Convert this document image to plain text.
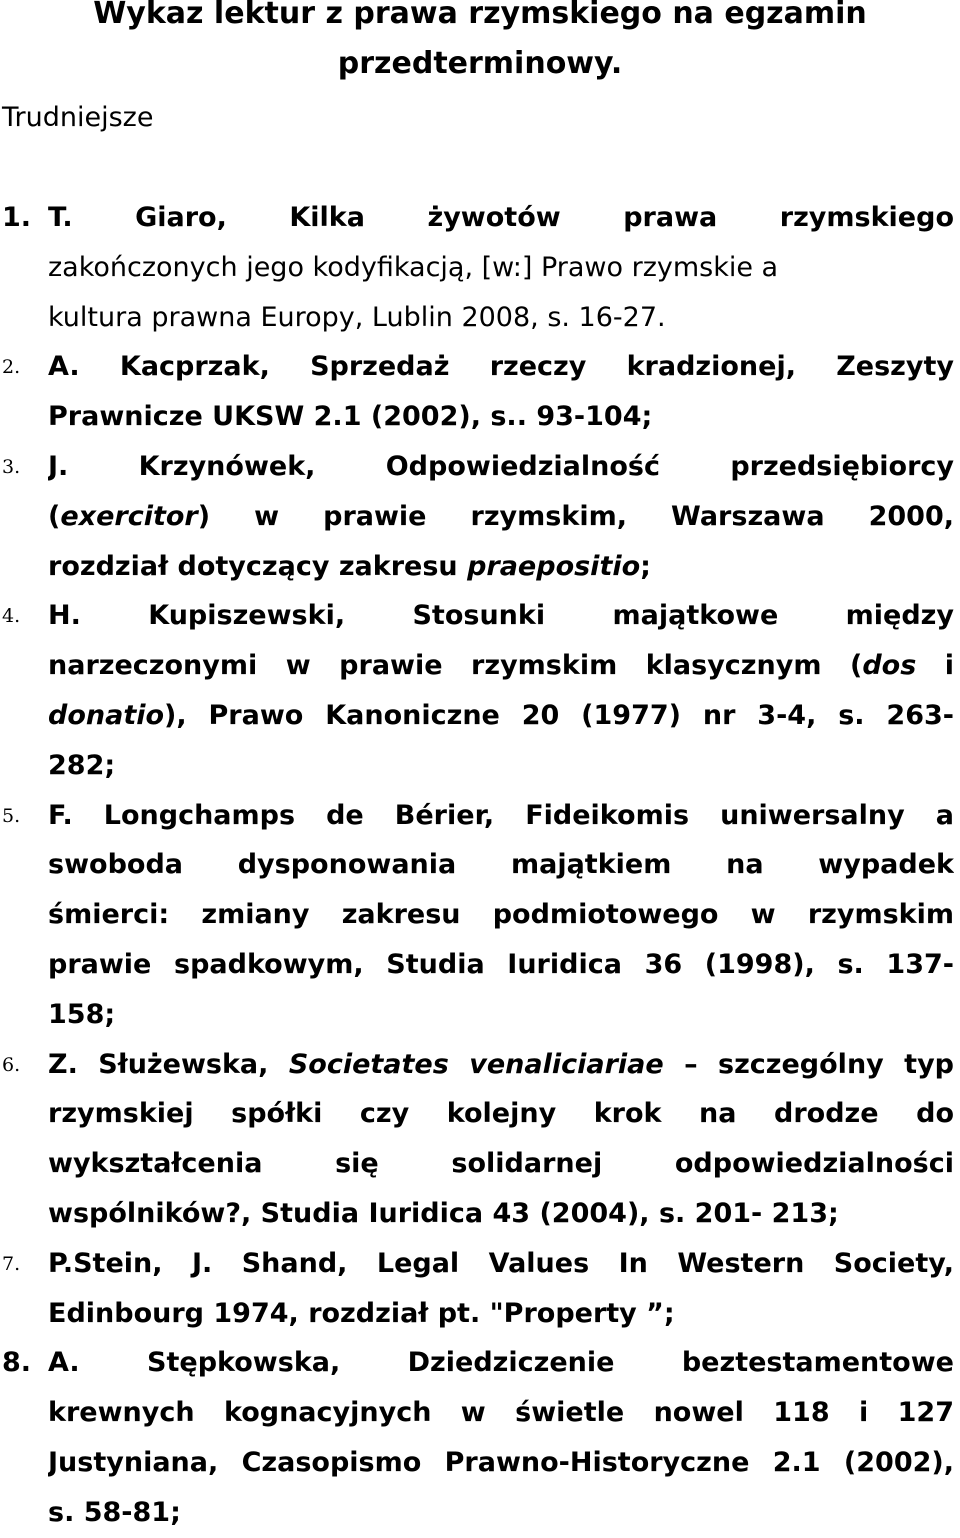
Wykaz lektur z prawa rzymskiego na egzamin
przedterminowy.
Trudniejsze
1. T. Giaro, Kilka żywotów prawa rzymskiego
zakończonych jego kodyfikacją, [w:] Prawo rzymskie a
kultura prawna Europy, Lublin 2008, s. 16-27.
2. A. Kacprzak, Sprzedaż rzeczy kradzionej, Zeszyty
Prawnicze UKSW 2.1 (2002), s.. 93-104;
3. J. Krzynówek, Odpowiedzialność przedsiębiorcy
(exercitor) w prawie rzymskim, Warszawa 2000,
rozdział dotyczący zakresu praepositio;
4. H. Kupiszewski, Stosunki majątkowe między
narzeczonymi w prawie rzymskim klasycznym (dos i
donatio), Prawo Kanoniczne 20 (1977) nr 3-4, s. 263-
282;
5. F. Longchamps de Bérier, Fideikomis uniwersalny a
swoboda dysponowania majątkiem na wypadek
śmierci: zmiany zakresu podmiotowego w rzymskim
prawie spadkowym, Studia Iuridica 36 (1998), s. 137-
158;
6. Z. Służewska, Societates venaliciariae – szczególny typ
rzymskiej spółki czy kolejny krok na drodze do
wykształcenia się solidarnej odpowiedzialności
wspólników?, Studia Iuridica 43 (2004), s. 201- 213;
7. P.Stein, J. Shand, Legal Values In Western Society,
Edinbourg 1974, rozdział pt. "Property ”;
8. A. Stępkowska, Dziedziczenie beztestamentowe
krewnych kognacyjnych w świetle nowel 118 i 127
Justyniana, Czasopismo Prawno-Historyczne 2.1 (2002),
s. 58-81;
